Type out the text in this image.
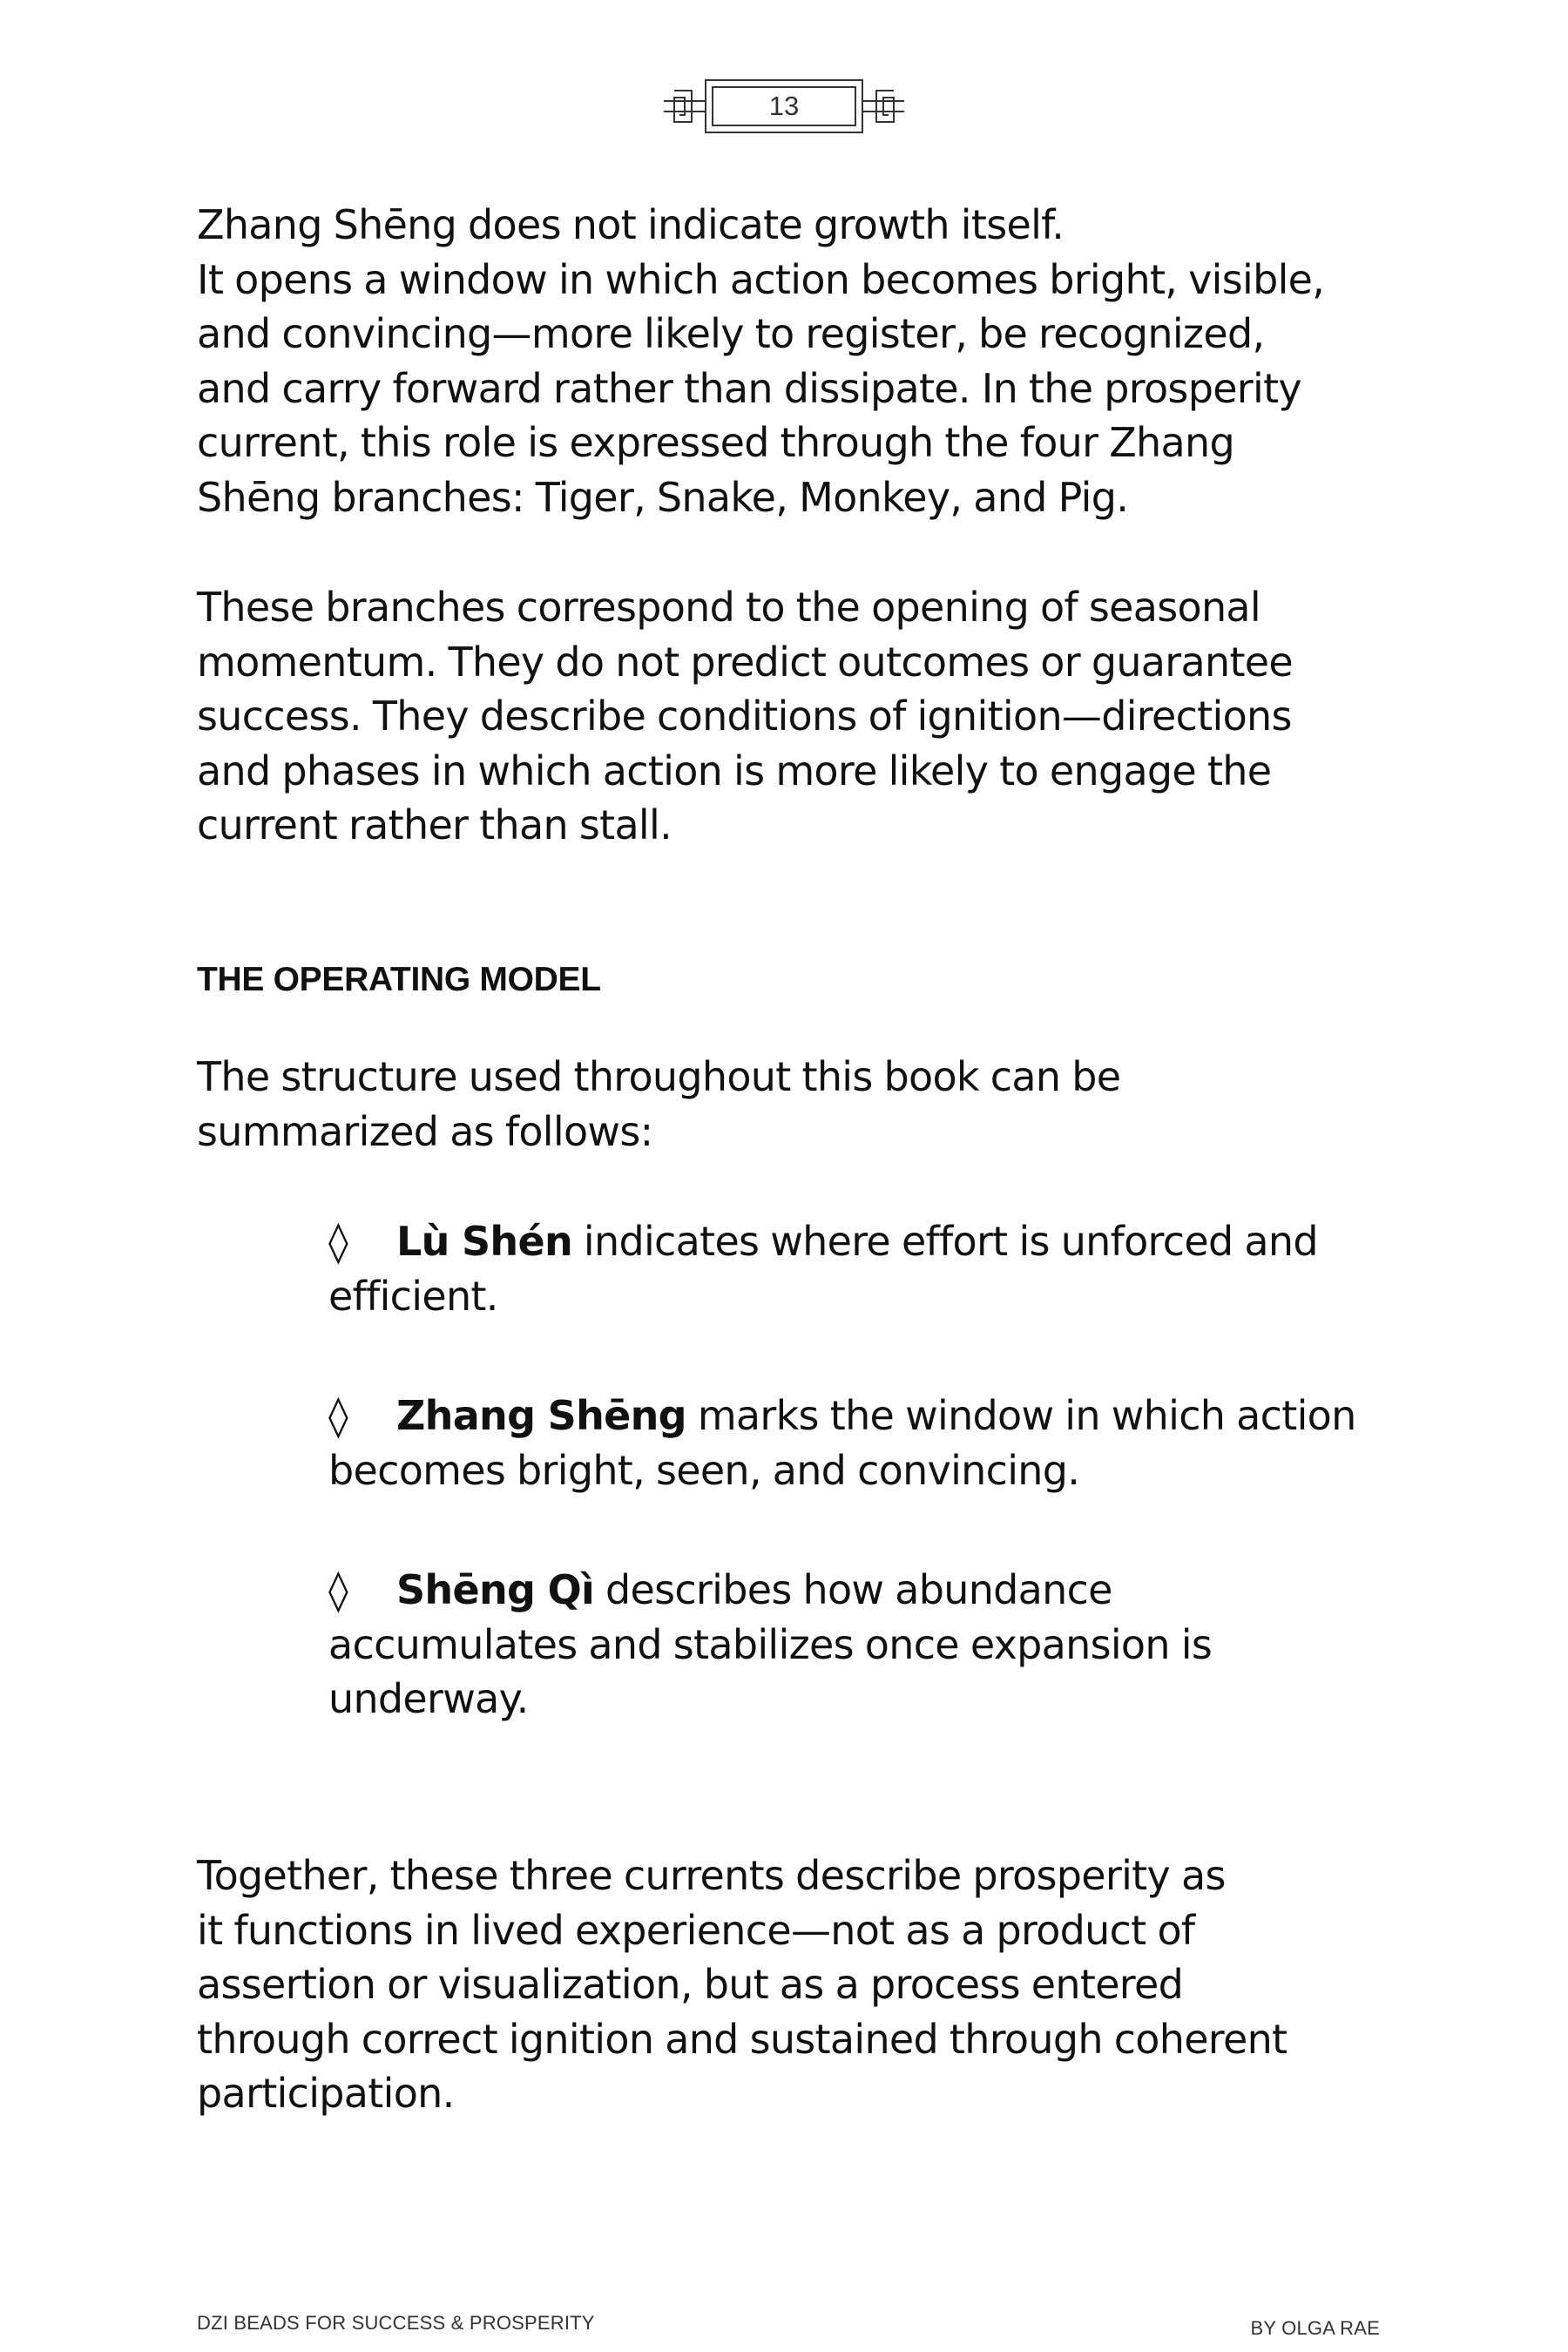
13

Zhang Shēng does not indicate growth itself.
It opens a window in which action becomes bright, visible,
and convincing—more likely to register, be recognized,
and carry forward rather than dissipate. In the prosperity
current, this role is expressed through the four Zhang
Shēng branches: Tiger, Snake, Monkey, and Pig.

These branches correspond to the opening of seasonal
momentum. They do not predict outcomes or guarantee
success. They describe conditions of ignition—directions
and phases in which action is more likely to engage the
current rather than stall.

THE OPERATING MODEL

The structure used throughout this book can be
summarized as follows:

◊ Lù Shén indicates where effort is unforced and
efficient.
◊ Zhang Shēng marks the window in which action
becomes bright, seen, and convincing.
◊ Shēng Qì describes how abundance
accumulates and stabilizes once expansion is
underway.

Together, these three currents describe prosperity as
it functions in lived experience—not as a product of
assertion or visualization, but as a process entered
through correct ignition and sustained through coherent
participation.

DZI BEADS FOR SUCCESS & PROSPERITY	BY OLGA RAE
